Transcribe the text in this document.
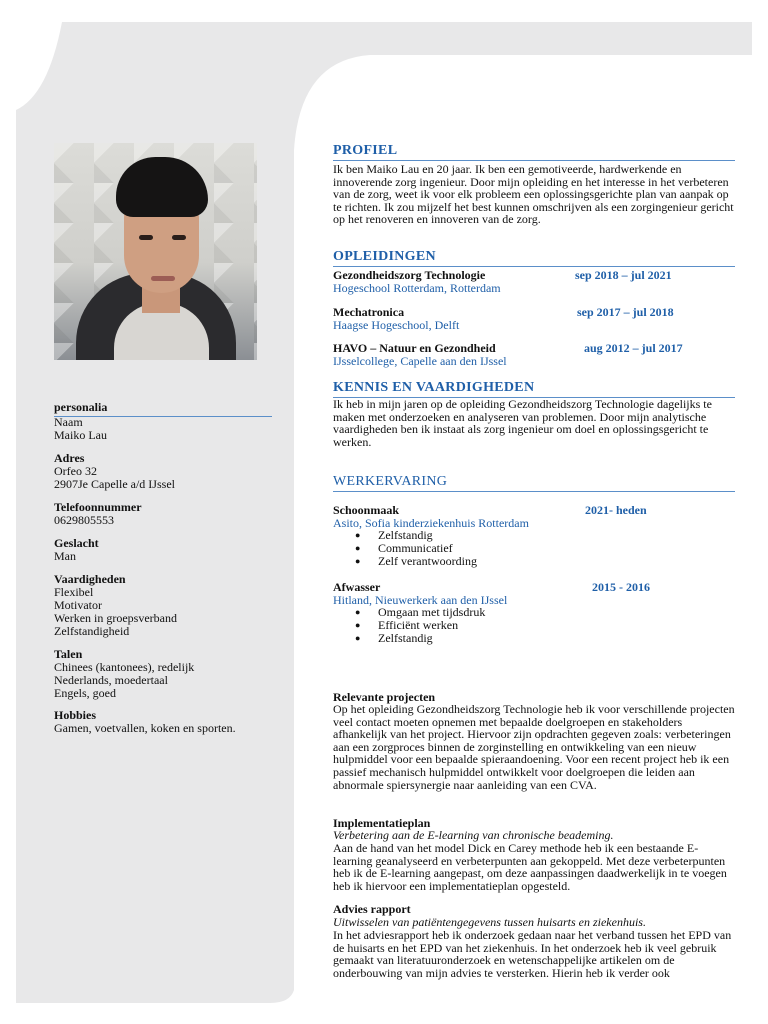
personalia
Naam
Maiko Lau
Adres
Orfeo 32
2907Je Capelle a/d IJssel
Telefoonnummer
0629805553
Geslacht
Man
Vaardigheden
Flexibel
Motivator
Werken in groepsverband
Zelfstandigheid
Talen
Chinees (kantonees), redelijk
Nederlands, moedertaal
Engels, goed
Hobbies
Gamen, voetvallen, koken en sporten.
PROFIEL
Ik ben Maiko Lau en 20 jaar. Ik ben een gemotiveerde, hardwerkende en innoverende zorg ingenieur. Door mijn opleiding en het interesse in het verbeteren van de zorg, weet ik voor elk probleem een oplossingsgerichte plan van aanpak op te richten. Ik zou mijzelf het best kunnen omschrijven als een zorgingenieur gericht op het renoveren en innoveren van de zorg.
OPLEIDINGEN
Gezondheidszorg Technologie	sep 2018 – jul 2021
Hogeschool Rotterdam, Rotterdam
Mechatronica	sep 2017 – jul 2018
Haagse Hogeschool, Delft
HAVO – Natuur en Gezondheid	aug 2012 – jul 2017
IJsselcollege, Capelle aan den IJssel
KENNIS EN VAARDIGHEDEN
Ik heb in mijn jaren op de opleiding Gezondheidszorg Technologie dagelijks te maken met onderzoeken en analyseren van problemen. Door mijn analytische vaardigheden ben ik instaat als zorg ingenieur om doel en oplossingsgericht te werken.
WERKERVARING
Schoonmaak	2021- heden
Asito, Sofia kinderziekenhuis Rotterdam
● Zelfstandig
● Communicatief
● Zelf verantwoording
Afwasser	2015 - 2016
Hitland, Nieuwerkerk aan den IJssel
● Omgaan met tijdsdruk
● Efficiënt werken
● Zelfstandig
Relevante projecten
Op het opleiding Gezondheidszorg Technologie heb ik voor verschillende projecten veel contact moeten opnemen met bepaalde doelgroepen en stakeholders afhankelijk van het project. Hiervoor zijn opdrachten gegeven zoals: verbeteringen aan een zorgproces binnen de zorginstelling en ontwikkeling van een nieuw hulpmiddel voor een bepaalde spieraandoening. Voor een recent project heb ik een passief mechanisch hulpmiddel ontwikkelt voor doelgroepen die leiden aan abnormale spiersynergie naar aanleiding van een CVA.
Implementatieplan
Verbetering aan de E-learning van chronische beademing.
Aan de hand van het model Dick en Carey methode heb ik een bestaande E-learning geanalyseerd en verbeterpunten aan gekoppeld. Met deze verbeterpunten heb ik de E-learning aangepast, om deze aanpassingen daadwerkelijk in te voegen heb ik hiervoor een implementatieplan opgesteld.
Advies rapport
Uitwisselen van patiëntengegevens tussen huisarts en ziekenhuis.
In het adviesrapport heb ik onderzoek gedaan naar het verband tussen het EPD van de huisarts en het EPD van het ziekenhuis. In het onderzoek heb ik veel gebruik gemaakt van literatuuronderzoek en wetenschappelijke artikelen om de onderbouwing van mijn advies te versterken. Hierin heb ik verder ook
